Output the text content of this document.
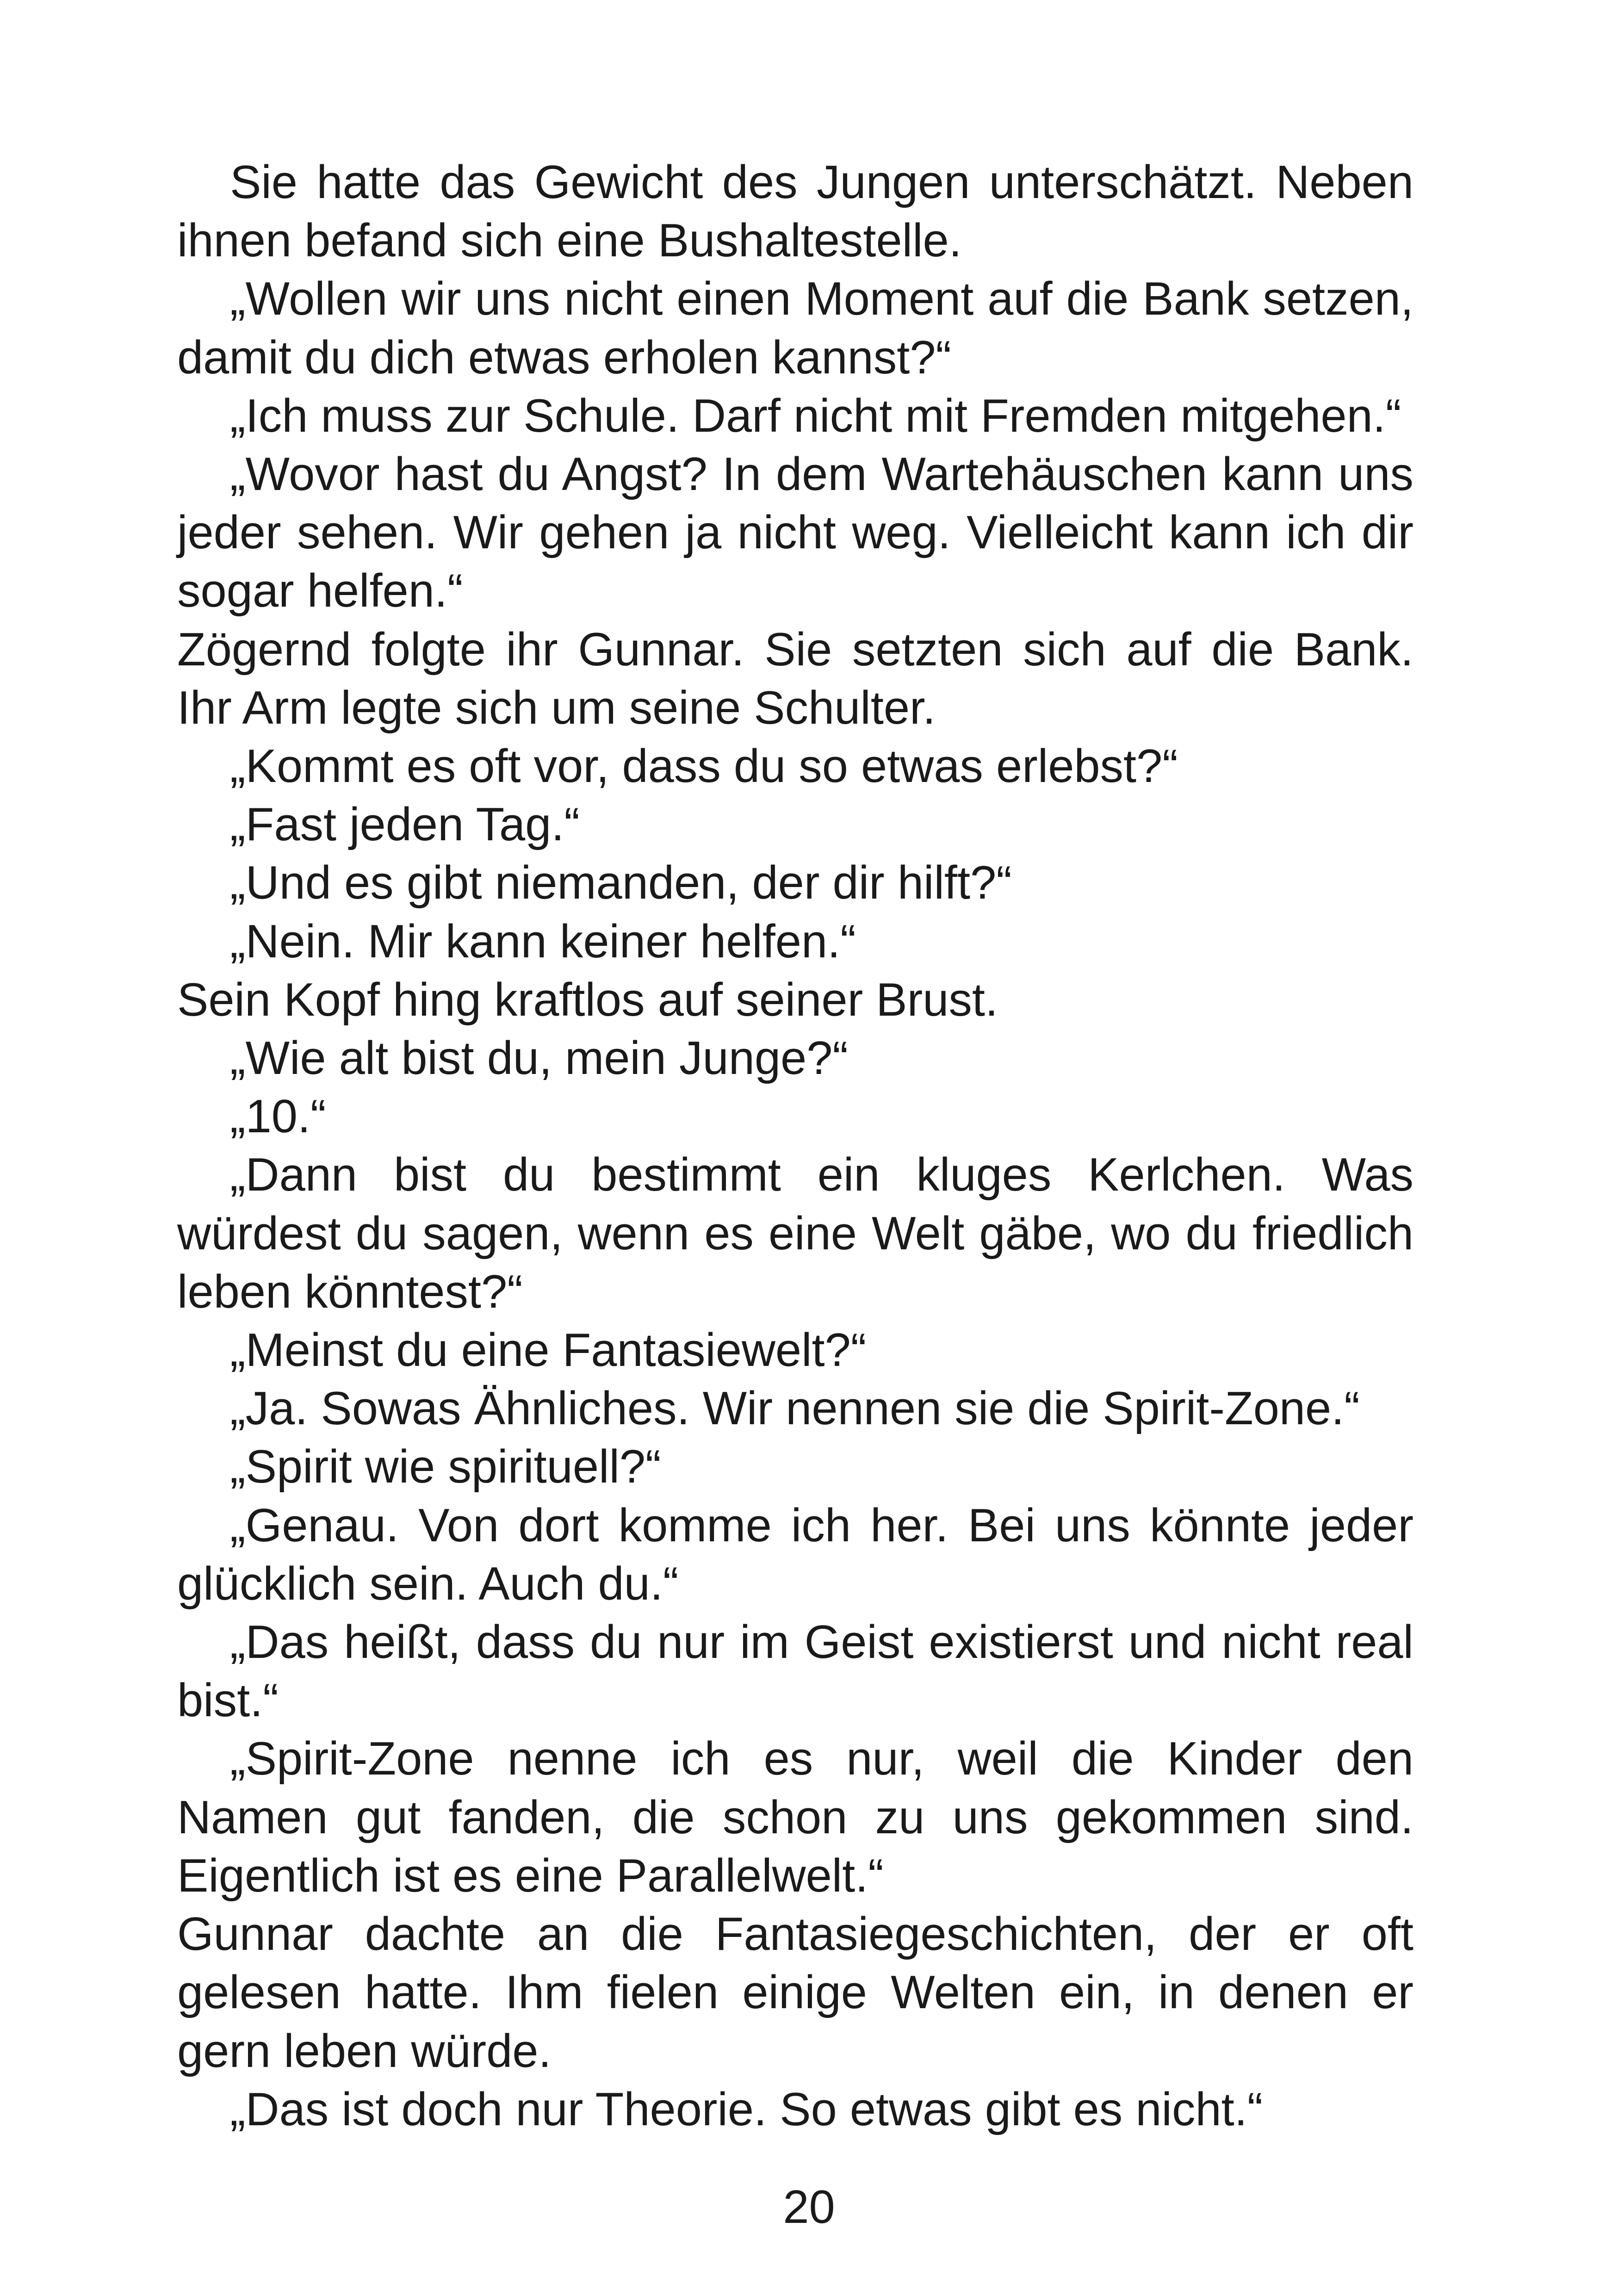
Sie hatte das Gewicht des Jungen unterschätzt. Neben ihnen befand sich eine Bushaltestelle.

„Wollen wir uns nicht einen Moment auf die Bank setzen, damit du dich etwas erholen kannst?“

„Ich muss zur Schule. Darf nicht mit Fremden mitgehen.“

„Wovor hast du Angst? In dem Wartehäuschen kann uns jeder sehen. Wir gehen ja nicht weg. Vielleicht kann ich dir sogar helfen.“

Zögernd folgte ihr Gunnar. Sie setzten sich auf die Bank. Ihr Arm legte sich um seine Schulter.

„Kommt es oft vor, dass du so etwas erlebst?“

„Fast jeden Tag.“

„Und es gibt niemanden, der dir hilft?“

„Nein. Mir kann keiner helfen.“

Sein Kopf hing kraftlos auf seiner Brust.

„Wie alt bist du, mein Junge?“

„10.“

„Dann bist du bestimmt ein kluges Kerlchen. Was würdest du sagen, wenn es eine Welt gäbe, wo du friedlich leben könntest?“

„Meinst du eine Fantasiewelt?“

„Ja. Sowas Ähnliches. Wir nennen sie die Spirit-Zone.“

„Spirit wie spirituell?“

„Genau. Von dort komme ich her. Bei uns könnte jeder glücklich sein. Auch du.“

„Das heißt, dass du nur im Geist existierst und nicht real bist.“

„Spirit-Zone nenne ich es nur, weil die Kinder den Namen gut fanden, die schon zu uns gekommen sind. Eigentlich ist es eine Parallelwelt.“

Gunnar dachte an die Fantasiegeschichten, der er oft gelesen hatte. Ihm fielen einige Welten ein, in denen er gern leben würde.

„Das ist doch nur Theorie. So etwas gibt es nicht.“

20
